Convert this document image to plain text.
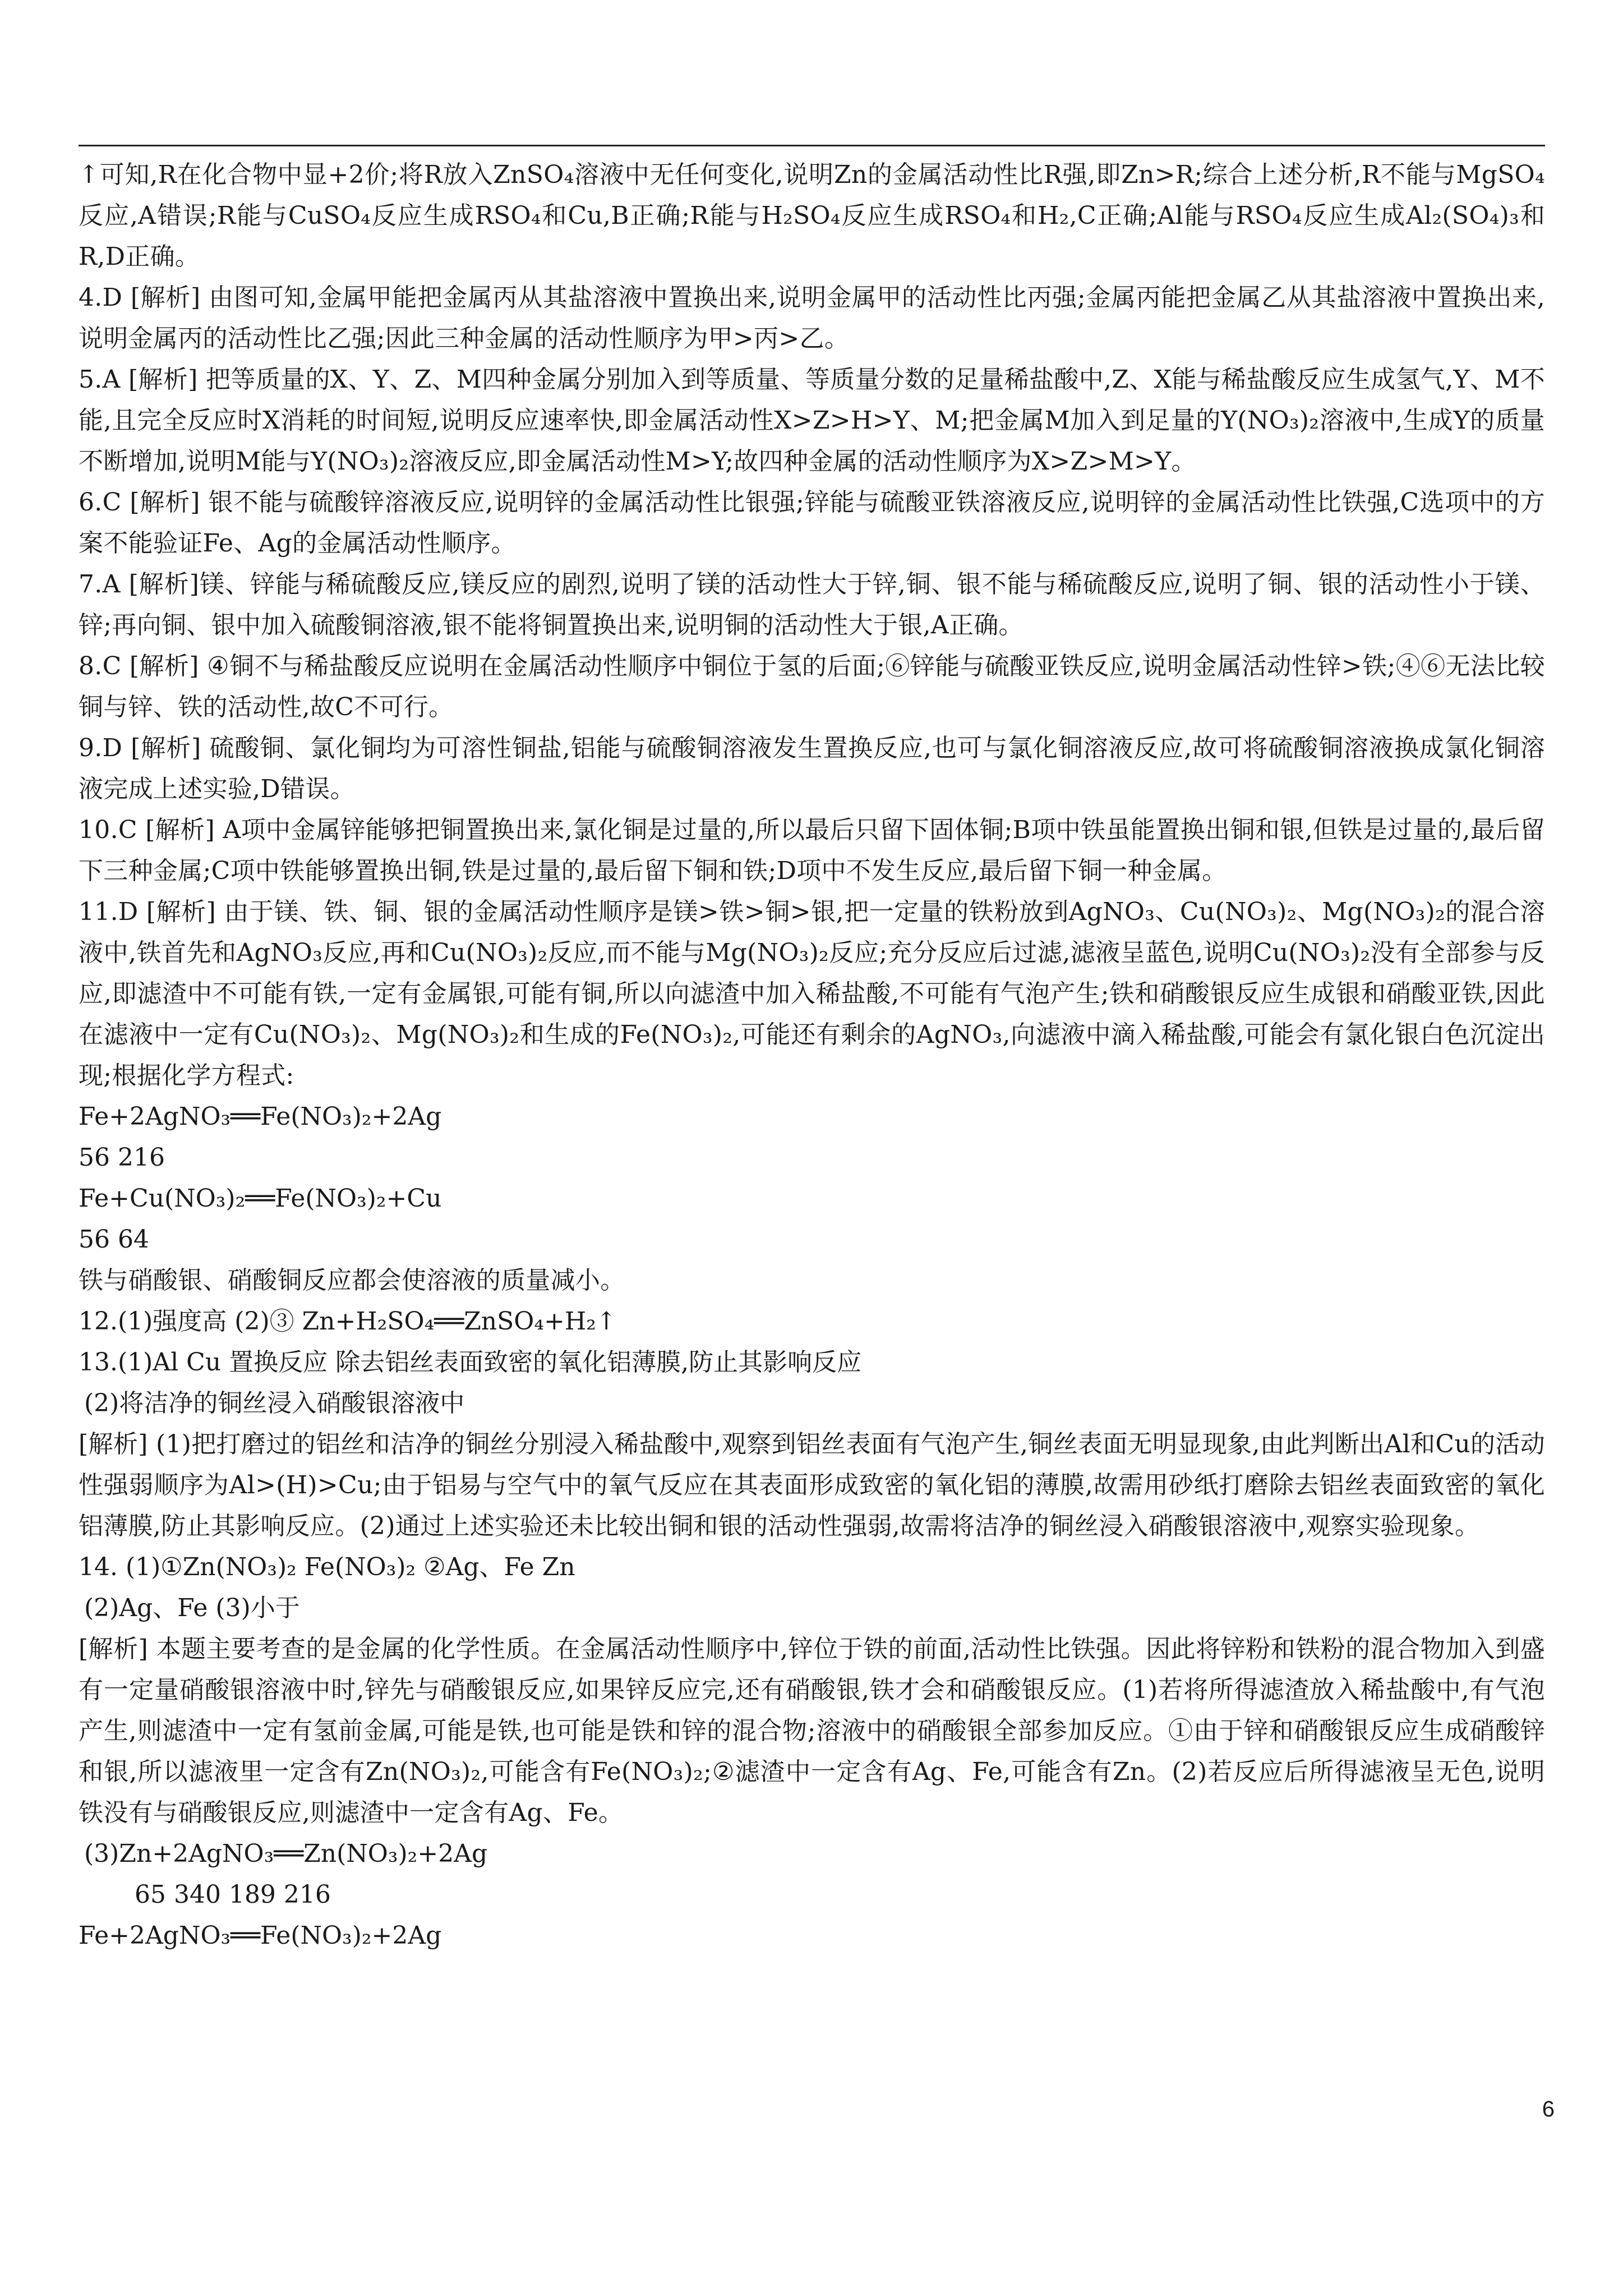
↑可知,R在化合物中显+2价;将R放入ZnSO₄溶液中无任何变化,说明Zn的金属活动性比R强,即Zn>R;综合上述分析,R不能与MgSO₄反应,A错误;R能与CuSO₄反应生成RSO₄和Cu,B正确;R能与H₂SO₄反应生成RSO₄和H₂,C正确;Al能与RSO₄反应生成Al₂(SO₄)₃和R,D正确。

4.D [解析] 由图可知,金属甲能把金属丙从其盐溶液中置换出来,说明金属甲的活动性比丙强;金属丙能把金属乙从其盐溶液中置换出来,说明金属丙的活动性比乙强;因此三种金属的活动性顺序为甲>丙>乙。

5.A [解析] 把等质量的X、Y、Z、M四种金属分别加入到等质量、等质量分数的足量稀盐酸中,Z、X能与稀盐酸反应生成氢气,Y、M不能,且完全反应时X消耗的时间短,说明反应速率快,即金属活动性X>Z>H>Y、M;把金属M加入到足量的Y(NO₃)₂溶液中,生成Y的质量不断增加,说明M能与Y(NO₃)₂溶液反应,即金属活动性M>Y;故四种金属的活动性顺序为X>Z>M>Y。

6.C [解析] 银不能与硫酸锌溶液反应,说明锌的金属活动性比银强;锌能与硫酸亚铁溶液反应,说明锌的金属活动性比铁强,C选项中的方案不能验证Fe、Ag的金属活动性顺序。

7.A [解析]镁、锌能与稀硫酸反应,镁反应的剧烈,说明了镁的活动性大于锌,铜、银不能与稀硫酸反应,说明了铜、银的活动性小于镁、锌;再向铜、银中加入硫酸铜溶液,银不能将铜置换出来,说明铜的活动性大于银,A正确。

8.C [解析] ④铜不与稀盐酸反应说明在金属活动性顺序中铜位于氢的后面;⑥锌能与硫酸亚铁反应,说明金属活动性锌>铁;④⑥无法比较铜与锌、铁的活动性,故C不可行。

9.D [解析] 硫酸铜、氯化铜均为可溶性铜盐,铝能与硫酸铜溶液发生置换反应,也可与氯化铜溶液反应,故可将硫酸铜溶液换成氯化铜溶液完成上述实验,D错误。

10.C [解析] A项中金属锌能够把铜置换出来,氯化铜是过量的,所以最后只留下固体铜;B项中铁虽能置换出铜和银,但铁是过量的,最后留下三种金属;C项中铁能够置换出铜,铁是过量的,最后留下铜和铁;D项中不发生反应,最后留下铜一种金属。

11.D [解析] 由于镁、铁、铜、银的金属活动性顺序是镁>铁>铜>银,把一定量的铁粉放到AgNO₃、Cu(NO₃)₂、Mg(NO₃)₂的混合溶液中,铁首先和AgNO₃反应,再和Cu(NO₃)₂反应,而不能与Mg(NO₃)₂反应;充分反应后过滤,滤液呈蓝色,说明Cu(NO₃)₂没有全部参与反应,即滤渣中不可能有铁,一定有金属银,可能有铜,所以向滤渣中加入稀盐酸,不可能有气泡产生;铁和硝酸银反应生成银和硝酸亚铁,因此在滤液中一定有Cu(NO₃)₂、Mg(NO₃)₂和生成的Fe(NO₃)₂,可能还有剩余的AgNO₃,向滤液中滴入稀盐酸,可能会有氯化银白色沉淀出现;根据化学方程式:

Fe+2AgNO₃══Fe(NO₃)₂+2Ag

56 216

Fe+Cu(NO₃)₂══Fe(NO₃)₂+Cu

56 64

铁与硝酸银、硝酸铜反应都会使溶液的质量减小。

12.(1)强度高 (2)③ Zn+H₂SO₄══ZnSO₄+H₂↑

13.(1)Al Cu 置换反应 除去铝丝表面致密的氧化铝薄膜,防止其影响反应

(2)将洁净的铜丝浸入硝酸银溶液中

[解析] (1)把打磨过的铝丝和洁净的铜丝分别浸入稀盐酸中,观察到铝丝表面有气泡产生,铜丝表面无明显现象,由此判断出Al和Cu的活动性强弱顺序为Al>(H)>Cu;由于铝易与空气中的氧气反应在其表面形成致密的氧化铝的薄膜,故需用砂纸打磨除去铝丝表面致密的氧化铝薄膜,防止其影响反应。(2)通过上述实验还未比较出铜和银的活动性强弱,故需将洁净的铜丝浸入硝酸银溶液中,观察实验现象。

14. (1)①Zn(NO₃)₂ Fe(NO₃)₂ ②Ag、Fe Zn

(2)Ag、Fe (3)小于

[解析] 本题主要考查的是金属的化学性质。在金属活动性顺序中,锌位于铁的前面,活动性比铁强。因此将锌粉和铁粉的混合物加入到盛有一定量硝酸银溶液中时,锌先与硝酸银反应,如果锌反应完,还有硝酸银,铁才会和硝酸银反应。(1)若将所得滤渣放入稀盐酸中,有气泡产生,则滤渣中一定有氢前金属,可能是铁,也可能是铁和锌的混合物;溶液中的硝酸银全部参加反应。①由于锌和硝酸银反应生成硝酸锌和银,所以滤液里一定含有Zn(NO₃)₂,可能含有Fe(NO₃)₂;②滤渣中一定含有Ag、Fe,可能含有Zn。(2)若反应后所得滤液呈无色,说明铁没有与硝酸银反应,则滤渣中一定含有Ag、Fe。

(3)Zn+2AgNO₃══Zn(NO₃)₂+2Ag

65 340 189 216

Fe+2AgNO₃══Fe(NO₃)₂+2Ag

6
